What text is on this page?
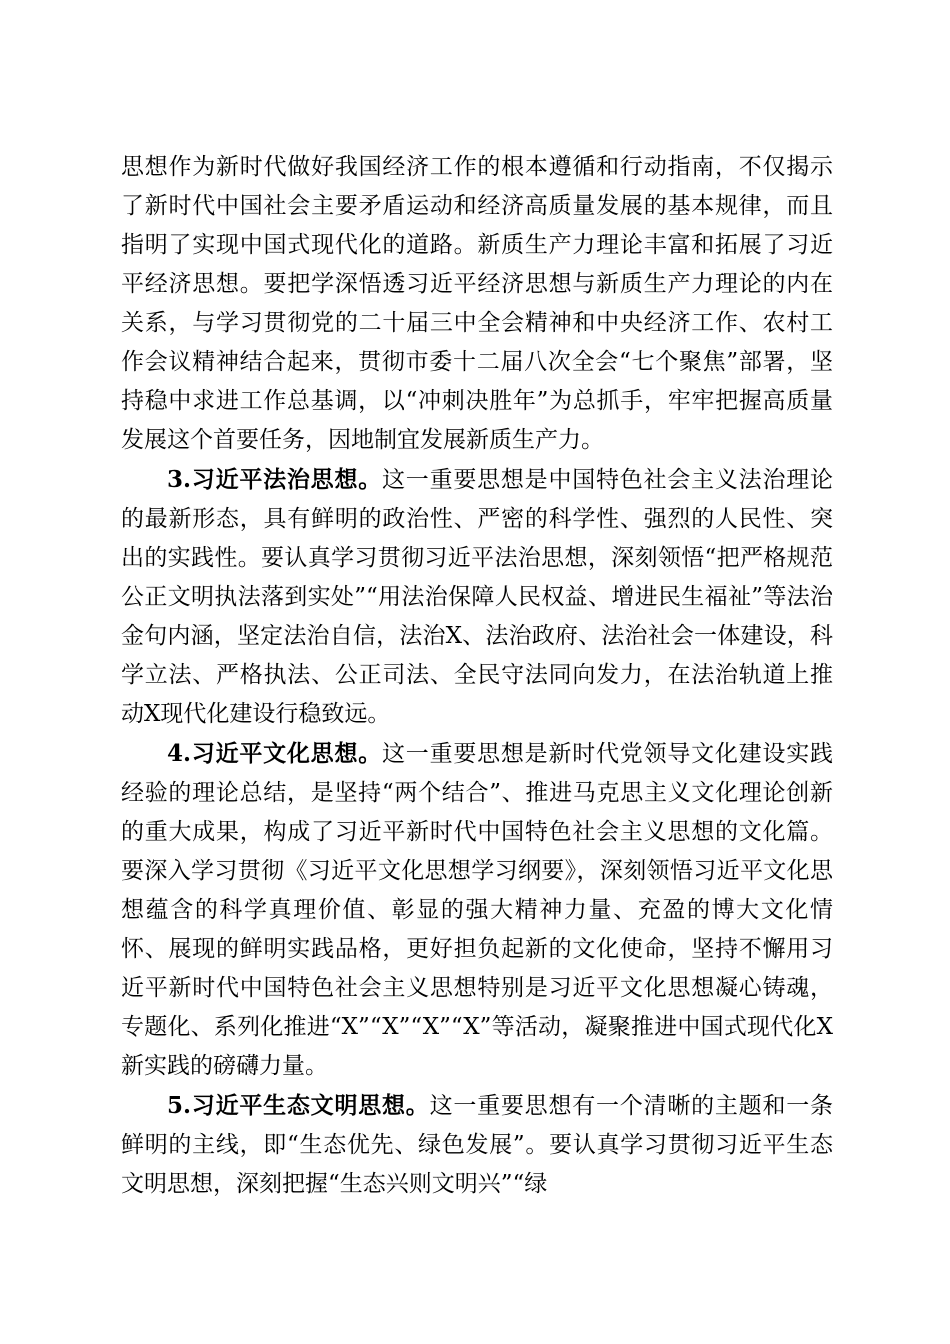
思想作为新时代做好我国经济工作的根本遵循和行动指南，不仅揭示了新时代中国社会主要矛盾运动和经济高质量发展的基本规律，而且指明了实现中国式现代化的道路。新质生产力理论丰富和拓展了习近平经济思想。要把学深悟透习近平经济思想与新质生产力理论的内在关系，与学习贯彻党的二十届三中全会精神和中央经济工作、农村工作会议精神结合起来，贯彻市委十二届八次全会“七个聚焦”部署，坚持稳中求进工作总基调，以“冲刺决胜年”为总抓手，牢牢把握高质量发展这个首要任务，因地制宜发展新质生产力。

3.习近平法治思想。这一重要思想是中国特色社会主义法治理论的最新形态，具有鲜明的政治性、严密的科学性、强烈的人民性、突出的实践性。要认真学习贯彻习近平法治思想，深刻领悟“把严格规范公正文明执法落到实处”“用法治保障人民权益、增进民生福祉”等法治金句内涵，坚定法治自信，法治X、法治政府、法治社会一体建设，科学立法、严格执法、公正司法、全民守法同向发力，在法治轨道上推动X现代化建设行稳致远。

4.习近平文化思想。这一重要思想是新时代党领导文化建设实践经验的理论总结，是坚持“两个结合”、推进马克思主义文化理论创新的重大成果，构成了习近平新时代中国特色社会主义思想的文化篇。要深入学习贯彻《习近平文化思想学习纲要》，深刻领悟习近平文化思想蕴含的科学真理价值、彰显的强大精神力量、充盈的博大文化情怀、展现的鲜明实践品格，更好担负起新的文化使命，坚持不懈用习近平新时代中国特色社会主义思想特别是习近平文化思想凝心铸魂，专题化、系列化推进“X”“X”“X”“X”等活动，凝聚推进中国式现代化X新实践的磅礴力量。

5.习近平生态文明思想。这一重要思想有一个清晰的主题和一条鲜明的主线，即“生态优先、绿色发展”。要认真学习贯彻习近平生态文明思想，深刻把握“生态兴则文明兴”“绿
